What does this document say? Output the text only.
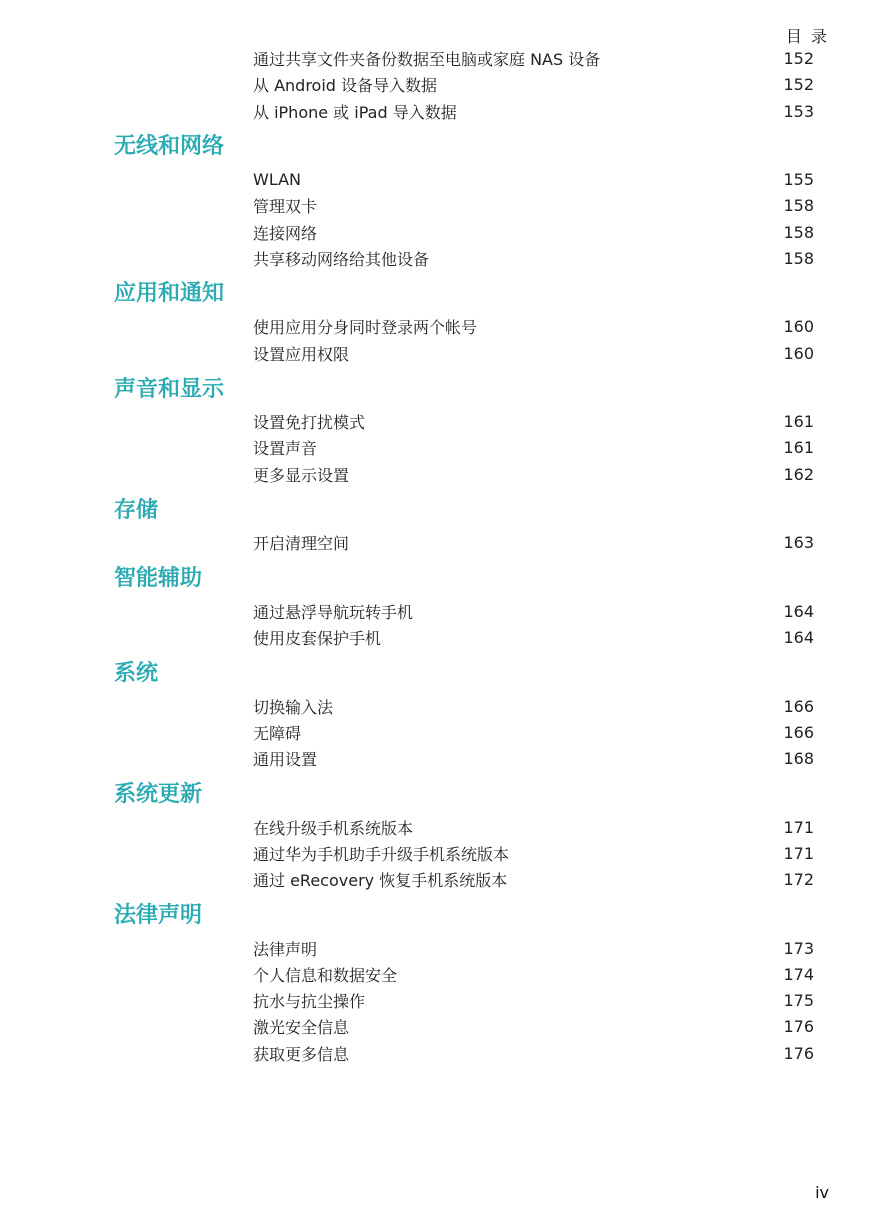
目 录
通过共享文件夹备份数据至电脑或家庭 NAS 设备	152
从 Android 设备导入数据	152
从 iPhone 或 iPad 导入数据	153
无线和网络
WLAN	155
管理双卡	158
连接网络	158
共享移动网络给其他设备	158
应用和通知
使用应用分身同时登录两个帐号	160
设置应用权限	160
声音和显示
设置免打扰模式	161
设置声音	161
更多显示设置	162
存储
开启清理空间	163
智能辅助
通过悬浮导航玩转手机	164
使用皮套保护手机	164
系统
切换输入法	166
无障碍	166
通用设置	168
系统更新
在线升级手机系统版本	171
通过华为手机助手升级手机系统版本	171
通过 eRecovery 恢复手机系统版本	172
法律声明
法律声明	173
个人信息和数据安全	174
抗水与抗尘操作	175
激光安全信息	176
获取更多信息	176
iv
